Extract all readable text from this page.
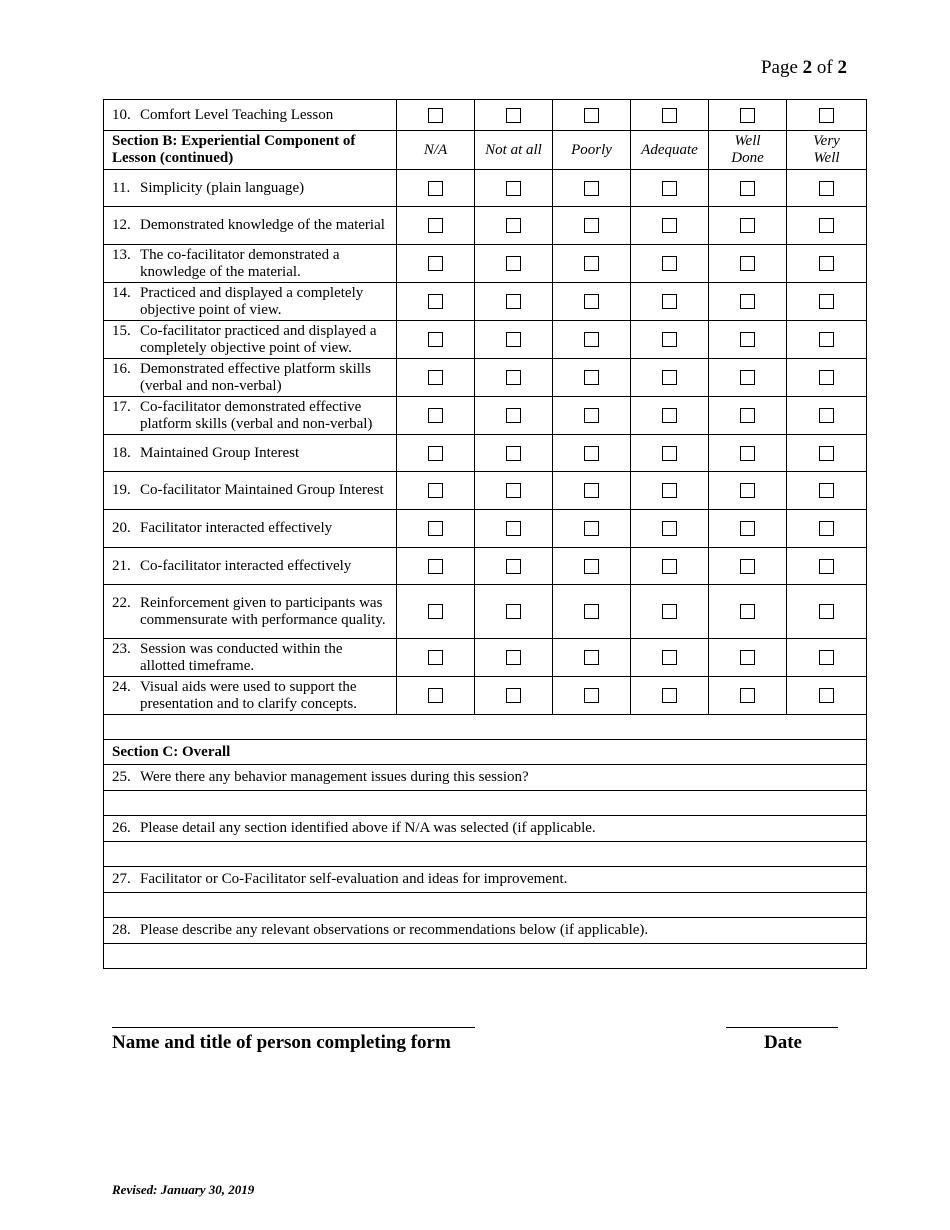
Page 2 of 2
10. Comfort Level Teaching Lesson						

Section B: Experiential Component of Lesson (continued)	N/A	Not at all	Poorly	Adequate	Well Done	Very Well

11. Simplicity (plain language)						

12. Demonstrated knowledge of the material						

13. The co-facilitator demonstrated a knowledge of the material.						

14. Practiced and displayed a completely objective point of view.						

15. Co-facilitator practiced and displayed a completely objective point of view.						

16. Demonstrated effective platform skills (verbal and non-verbal)						

17. Co-facilitator demonstrated effective platform skills (verbal and non-verbal)						

18. Maintained Group Interest						

19. Co-facilitator Maintained Group Interest						

20. Facilitator interacted effectively						

21. Co-facilitator interacted effectively						

22. Reinforcement given to participants was commensurate with performance quality.						

23. Session was conducted within the allotted timeframe.						

24. Visual aids were used to support the presentation and to clarify concepts.						

Section C: Overall						

25. Were there any behavior management issues during this session?						

26. Please detail any section identified above if N/A was selected (if applicable.						

27. Facilitator or Co-Facilitator self-evaluation and ideas for improvement.						

28. Please describe any relevant observations or recommendations below (if applicable).						

Name and title of person completing form	Date
Revised: January 30, 2019
